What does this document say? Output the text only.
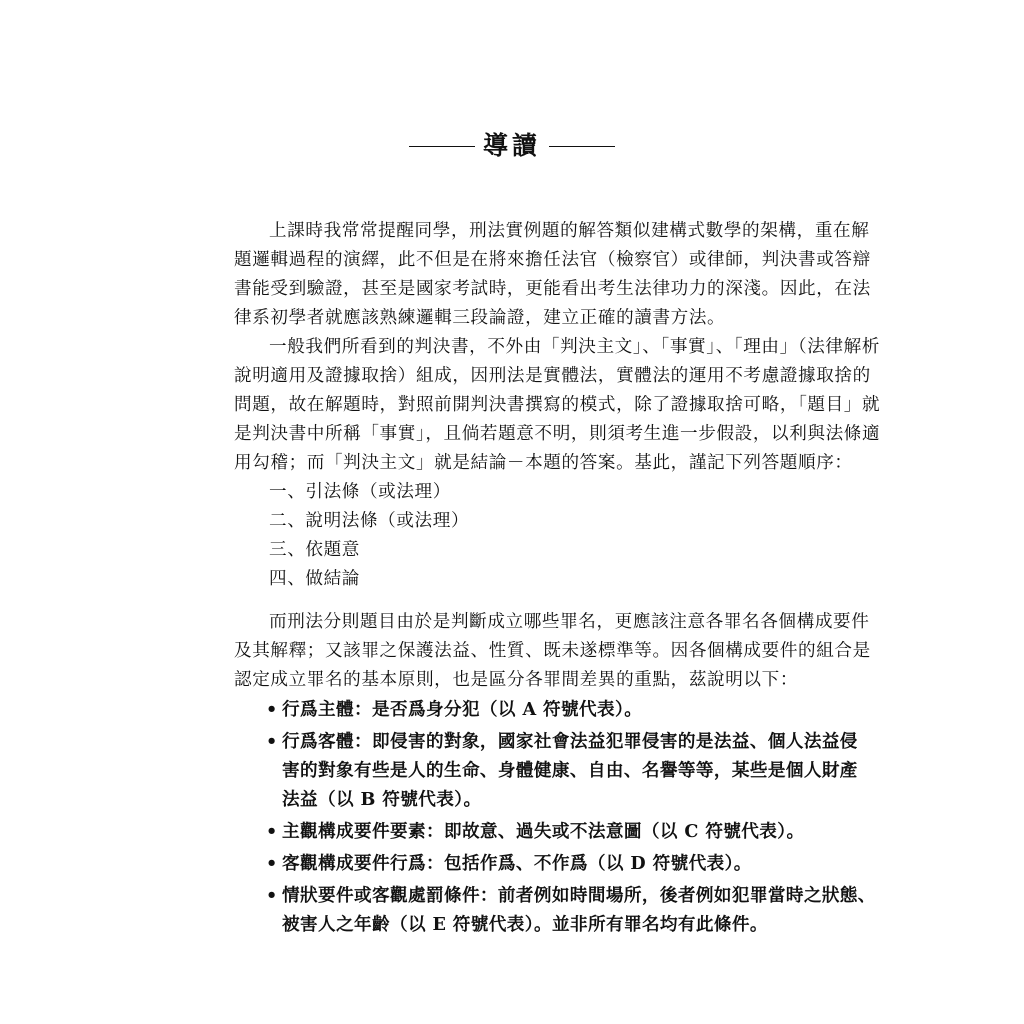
導讀
上課時我常常提醒同學，刑法實例題的解答類似建構式數學的架構，重在解
題邏輯過程的演繹，此不但是在將來擔任法官（檢察官）或律師，判決書或答辯
書能受到驗證，甚至是國家考試時，更能看出考生法律功力的深淺。因此，在法
律系初學者就應該熟練邏輯三段論證，建立正確的讀書方法。
一般我們所看到的判決書，不外由「判決主文」、「事實」、「理由」（法律解析
說明適用及證據取捨）組成，因刑法是實體法，實體法的運用不考慮證據取捨的
問題，故在解題時，對照前開判決書撰寫的模式，除了證據取捨可略，「題目」就
是判決書中所稱「事實」，且倘若題意不明，則須考生進一步假設，以利與法條適
用勾稽；而「判決主文」就是結論－本題的答案。基此，謹記下列答題順序：
一、引法條（或法理）
二、說明法條（或法理）
三、依題意
四、做結論
而刑法分則題目由於是判斷成立哪些罪名，更應該注意各罪名各個構成要件
及其解釋；又該罪之保護法益、性質、既未遂標準等。因各個構成要件的組合是
認定成立罪名的基本原則，也是區分各罪間差異的重點，茲說明以下：
• 行爲主體：是否爲身分犯（以 A 符號代表）。
• 行爲客體：即侵害的對象，國家社會法益犯罪侵害的是法益、個人法益侵
害的對象有些是人的生命、身體健康、自由、名譽等等，某些是個人財產
法益（以 B 符號代表）。
• 主觀構成要件要素：即故意、過失或不法意圖（以 C 符號代表）。
• 客觀構成要件行爲：包括作爲、不作爲（以 D 符號代表）。
• 情狀要件或客觀處罰條件：前者例如時間場所，後者例如犯罪當時之狀態、
被害人之年齡（以 E 符號代表）。並非所有罪名均有此條件。
